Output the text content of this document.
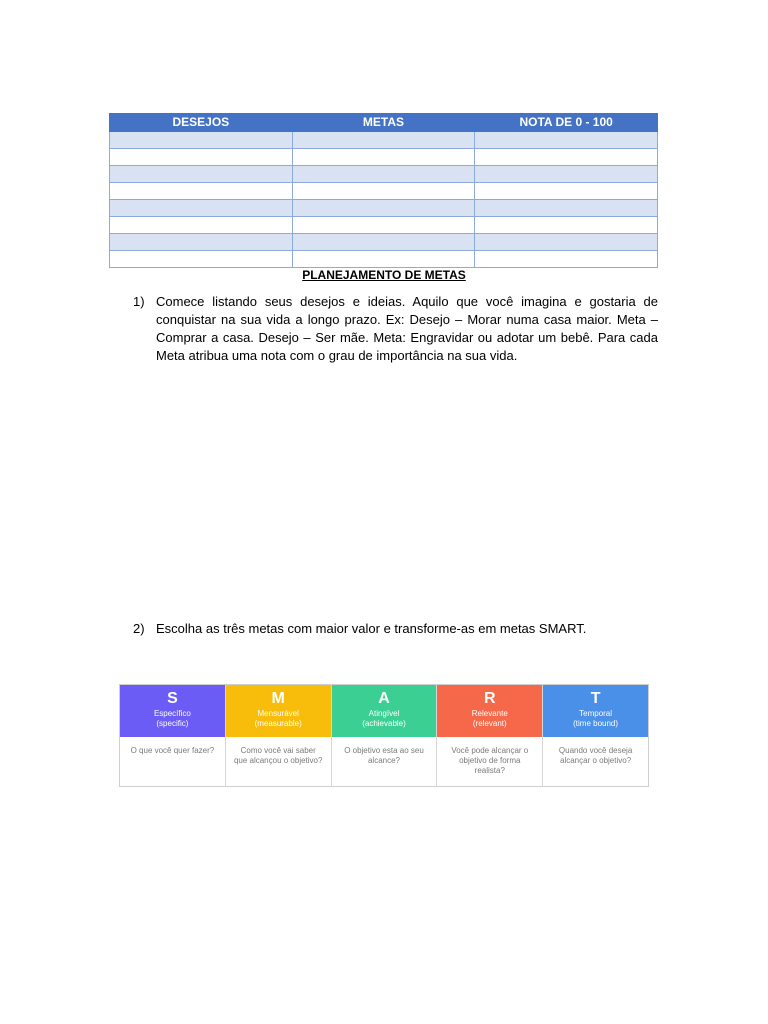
DESEJOS	METAS	NOTA DE 0 - 100

PLANEJAMENTO DE METAS
1) Comece listando seus desejos e ideias. Aquilo que você imagina e gostaria de conquistar na sua vida a longo prazo. Ex: Desejo – Morar numa casa maior. Meta – Comprar a casa. Desejo – Ser mãe. Meta: Engravidar ou adotar um bebê. Para cada Meta atribua uma nota com o grau de importância na sua vida.
2) Escolha as três metas com maior valor e transforme-as em metas SMART.
S
Específico
(specific)
O que você quer fazer?
M
Mensurável
(measurable)
Como você vai saber que alcançou o objetivo?
A
Atingível
(achievable)
O objetivo esta ao seu alcance?
R
Relevante
(relevant)
Você pode alcançar o objetivo de forma realista?
T
Temporal
(time bound)
Quando você deseja alcançar o objetivo?
